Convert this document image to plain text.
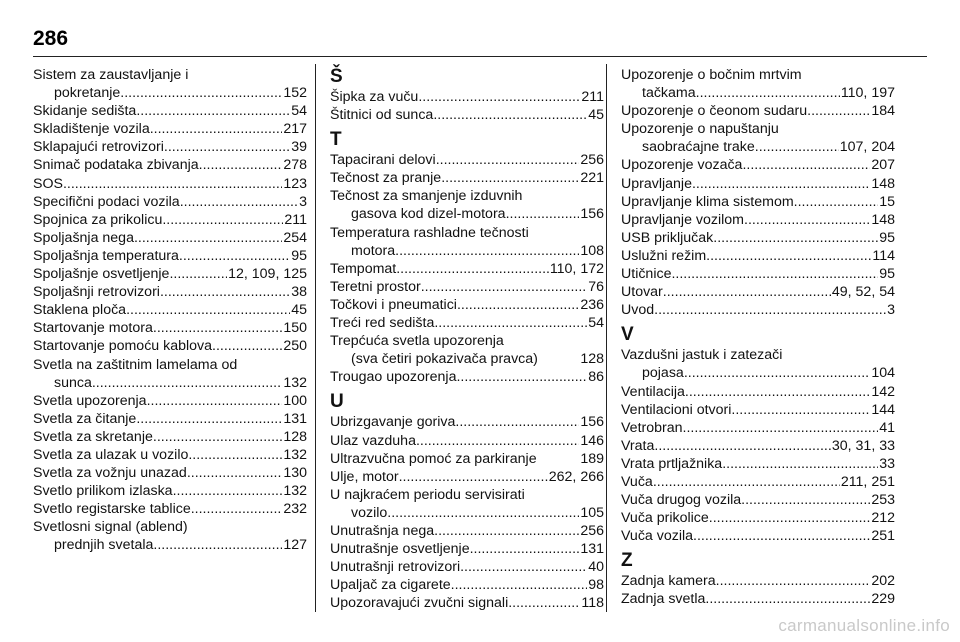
286
Sistem za zaustavljanje i
pokretanje .....	152
Skidanje sedišta .....	54
Skladištenje vozila .....	217
Sklapajući retrovizori .....	39
Snimač podataka zbivanja .....	278
SOS .....	123
Specifični podaci vozila .....	3
Spojnica za prikolicu .....	211
Spoljašnja nega .....	254
Spoljašnja temperatura .....	95
Spoljašnje osvetljenje .....	12, 109, 125
Spoljašnji retrovizori .....	38
Staklena ploča .....	45
Startovanje motora .....	150
Startovanje pomoću kablova .....	250
Svetla na zaštitnim lamelama od
sunca .....	132
Svetla upozorenja .....	100
Svetla za čitanje .....	131
Svetla za skretanje .....	128
Svetla za ulazak u vozilo .....	132
Svetla za vožnju unazad .....	130
Svetlo prilikom izlaska .....	132
Svetlo registarske tablice .....	232
Svetlosni signal (ablend)
prednjih svetala .....	127
Š
Šipka za vuču .....	211
Štitnici od sunca .....	45
T
Tapacirani delovi .....	256
Tečnost za pranje .....	221
Tečnost za smanjenje izduvnih
gasova kod dizel-motora .....	156
Temperatura rashladne tečnosti
motora .....	108
Tempomat .....	110, 172
Teretni prostor .....	76
Točkovi i pneumatici .....	236
Treći red sedišta .....	54
Trepćuća svetla upozorenja
(sva četiri pokazivača pravca)	128
Trougao upozorenja .....	86
U
Ubrizgavanje goriva .....	156
Ulaz vazduha .....	146
Ultrazvučna pomoć za parkiranje	189
Ulje, motor .....	262, 266
U najkraćem periodu servisirati
vozilo .....	105
Unutrašnja nega .....	256
Unutrašnje osvetljenje .....	131
Unutrašnji retrovizori .....	40
Upaljač za cigarete .....	98
Upozoravajući zvučni signali .....	118
Upozorenje o bočnim mrtvim
tačkama .....	110, 197
Upozorenje o čeonom sudaru .....	184
Upozorenje o napuštanju
saobraćajne trake .....	107, 204
Upozorenje vozača .....	207
Upravljanje .....	148
Upravljanje klima sistemom .....	15
Upravljanje vozilom .....	148
USB priključak .....	95
Uslužni režim .....	114
Utičnice .....	95
Utovar .....	49, 52, 54
Uvod .....	3
V
Vazdušni jastuk i zatezači
pojasa .....	104
Ventilacija .....	142
Ventilacioni otvori .....	144
Vetrobran .....	41
Vrata .....	30, 31, 33
Vrata prtljažnika .....	33
Vuča .....	211, 251
Vuča drugog vozila .....	253
Vuča prikolice .....	212
Vuča vozila .....	251
Z
Zadnja kamera .....	202
Zadnja svetla .....	229
carmanualsonline.info
